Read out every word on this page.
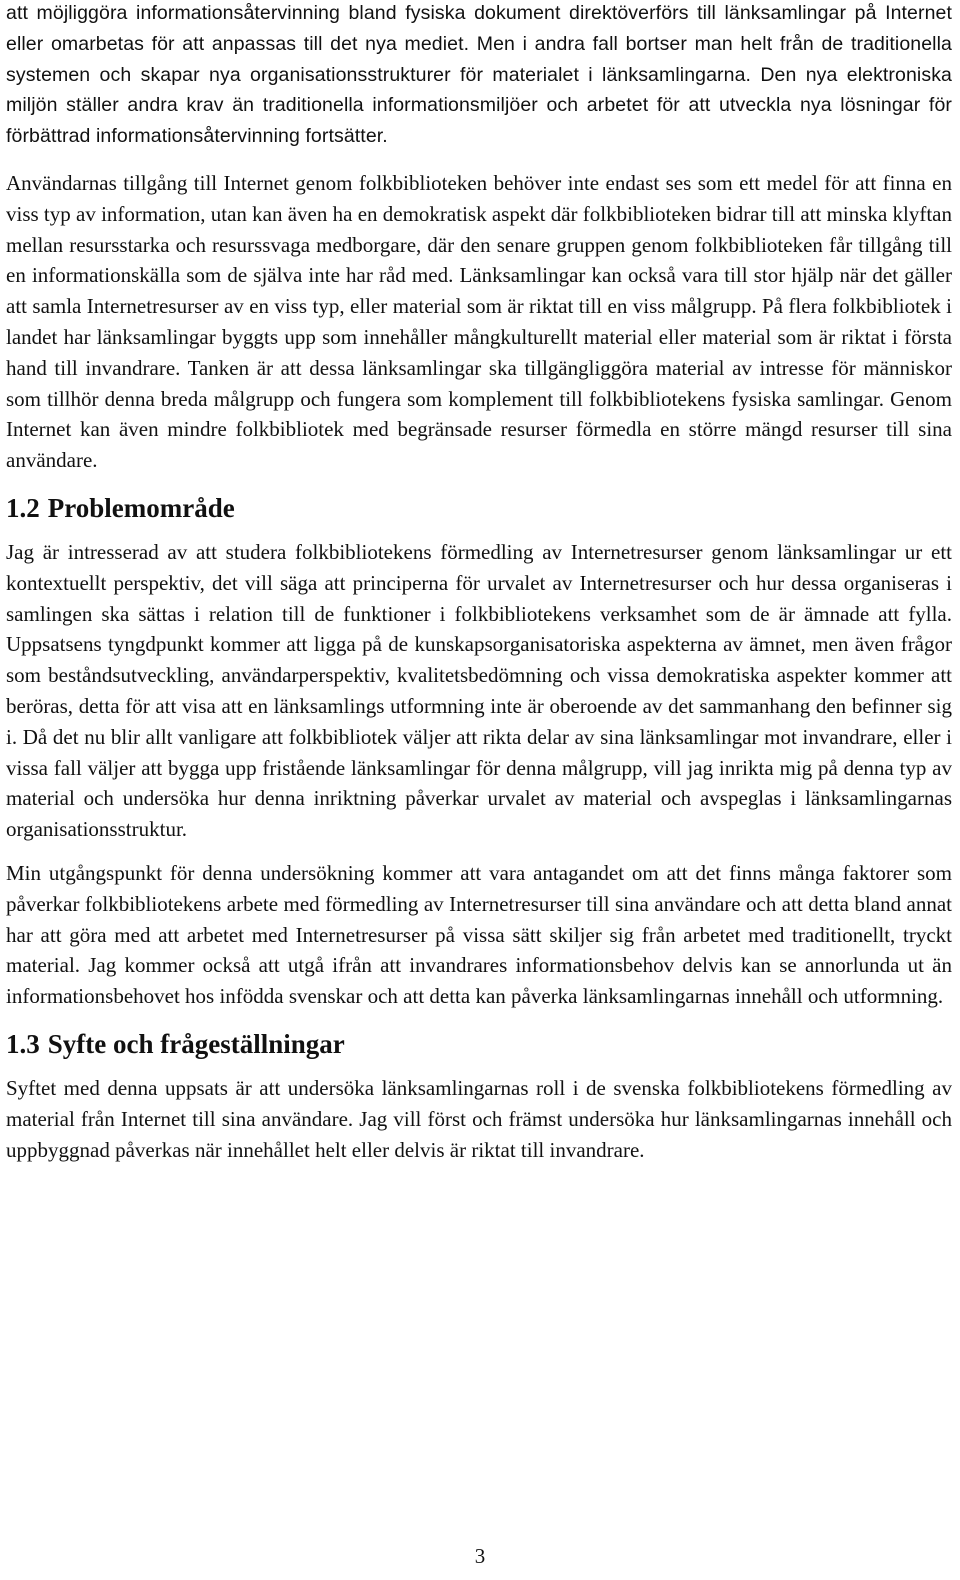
att möjliggöra informationsåtervinning bland fysiska dokument direktöverförs till länksamlingar på Internet eller omarbetas för att anpassas till det nya mediet. Men i andra fall bortser man helt från de traditionella systemen och skapar nya organisationsstrukturer för materialet i länksamlingarna. Den nya elektroniska miljön ställer andra krav än traditionella informationsmiljöer och arbetet för att utveckla nya lösningar för förbättrad informationsåtervinning fortsätter.

Användarnas tillgång till Internet genom folkbiblioteken behöver inte endast ses som ett medel för att finna en viss typ av information, utan kan även ha en demokratisk aspekt där folkbiblioteken bidrar till att minska klyftan mellan resursstarka och resurssvaga medborgare, där den senare gruppen genom folkbiblioteken får tillgång till en informationskälla som de själva inte har råd med. Länksamlingar kan också vara till stor hjälp när det gäller att samla Internetresurser av en viss typ, eller material som är riktat till en viss målgrupp. På flera folkbibliotek i landet har länksamlingar byggts upp som innehåller mångkulturellt material eller material som är riktat i första hand till invandrare. Tanken är att dessa länksamlingar ska tillgängliggöra material av intresse för människor som tillhör denna breda målgrupp och fungera som komplement till folkbibliotekens fysiska samlingar. Genom Internet kan även mindre folkbibliotek med begränsade resurser förmedla en större mängd resurser till sina användare.

1.2 Problemområde

Jag är intresserad av att studera folkbibliotekens förmedling av Internetresurser genom länksamlingar ur ett kontextuellt perspektiv, det vill säga att principerna för urvalet av Internetresurser och hur dessa organiseras i samlingen ska sättas i relation till de funktioner i folkbibliotekens verksamhet som de är ämnade att fylla. Uppsatsens tyngdpunkt kommer att ligga på de kunskapsorganisatoriska aspekterna av ämnet, men även frågor som beståndsutveckling, användarperspektiv, kvalitetsbedömning och vissa demokratiska aspekter kommer att beröras, detta för att visa att en länksamlings utformning inte är oberoende av det sammanhang den befinner sig i. Då det nu blir allt vanligare att folkbibliotek väljer att rikta delar av sina länksamlingar mot invandrare, eller i vissa fall väljer att bygga upp fristående länksamlingar för denna målgrupp, vill jag inrikta mig på denna typ av material och undersöka hur denna inriktning påverkar urvalet av material och avspeglas i länksamlingarnas organisationsstruktur.

Min utgångspunkt för denna undersökning kommer att vara antagandet om att det finns många faktorer som påverkar folkbibliotekens arbete med förmedling av Internetresurser till sina användare och att detta bland annat har att göra med att arbetet med Internetresurser på vissa sätt skiljer sig från arbetet med traditionellt, tryckt material. Jag kommer också att utgå ifrån att invandrares informationsbehov delvis kan se annorlunda ut än informationsbehovet hos infödda svenskar och att detta kan påverka länksamlingarnas innehåll och utformning.

1.3 Syfte och frågeställningar

Syftet med denna uppsats är att undersöka länksamlingarnas roll i de svenska folkbibliotekens förmedling av material från Internet till sina användare. Jag vill först och främst undersöka hur länksamlingarnas innehåll och uppbyggnad påverkas när innehållet helt eller delvis är riktat till invandrare.

3
